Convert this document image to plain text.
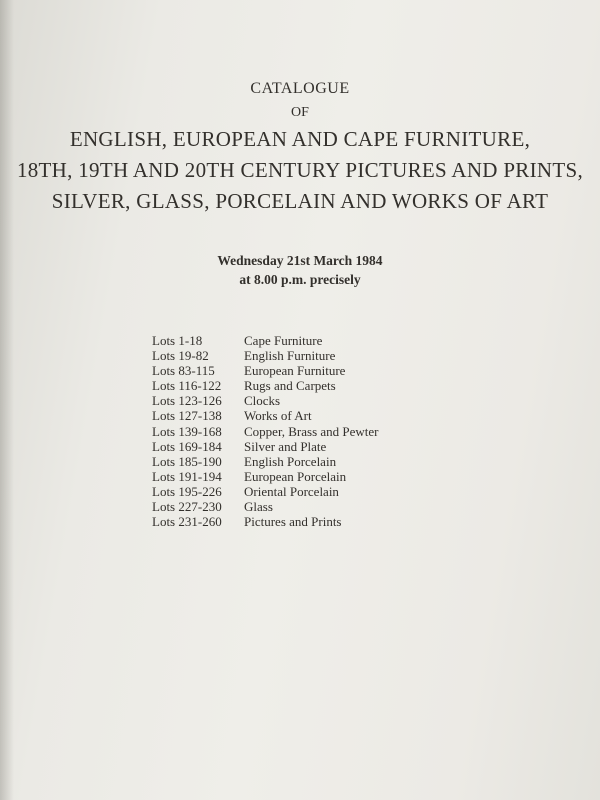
CATALOGUE
OF
ENGLISH, EUROPEAN AND CAPE FURNITURE,
18TH, 19TH AND 20TH CENTURY PICTURES AND PRINTS,
SILVER, GLASS, PORCELAIN AND WORKS OF ART
Wednesday 21st March 1984
at 8.00 p.m. precisely
Lots 1-18	Cape Furniture
Lots 19-82	English Furniture
Lots 83-115 European Furniture
Lots 116-122 Rugs and Carpets
Lots 123-126 Clocks
Lots 127-138 Works of Art
Lots 139-168 Copper, Brass and Pewter
Lots 169-184 Silver and Plate
Lots 185-190 English Porcelain
Lots 191-194 European Porcelain
Lots 195-226 Oriental Porcelain
Lots 227-230 Glass
Lots 231-260 Pictures and Prints
